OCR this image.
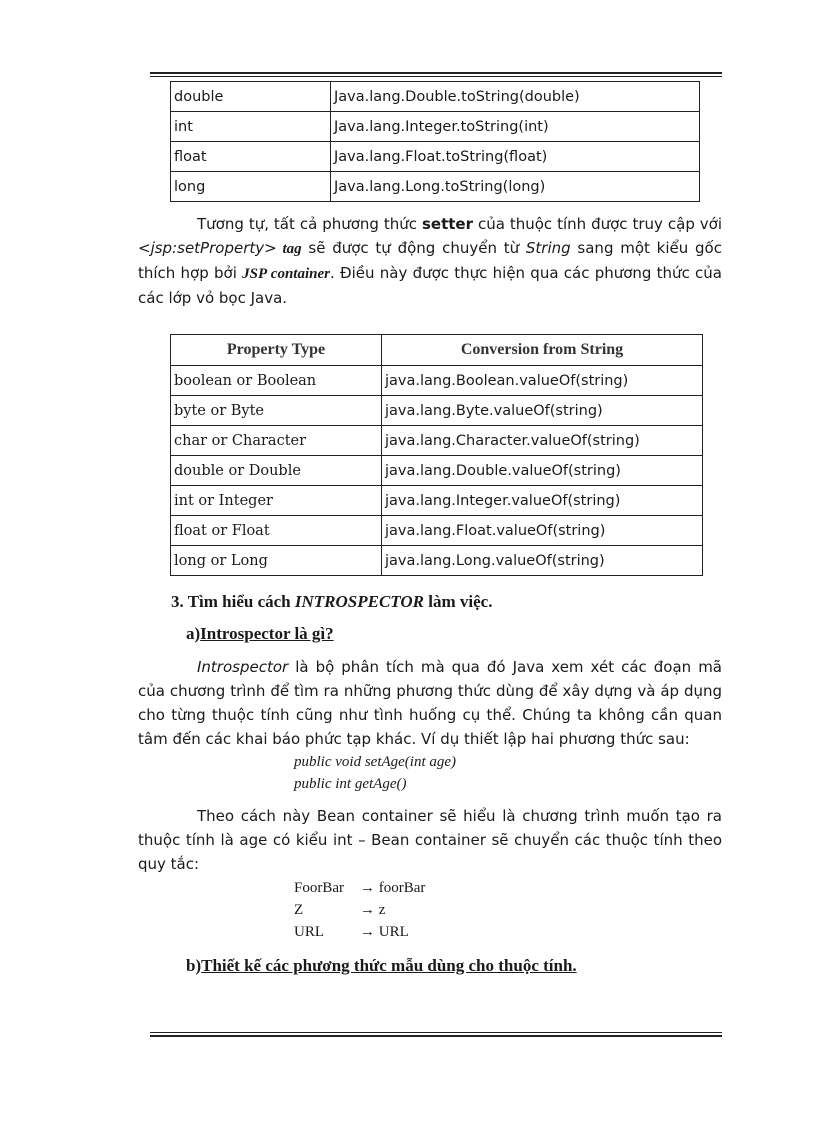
double	Java.lang.Double.toString(double)
int	Java.lang.Integer.toString(int)
float	Java.lang.Float.toString(float)
long	Java.lang.Long.toString(long)
Tương tự, tất cả phương thức setter của thuộc tính được truy cập với <jsp:setProperty> tag sẽ được tự động chuyển từ String sang một kiểu gốc thích hợp bởi JSP container. Điều này được thực hiện qua các phương thức của các lớp vỏ bọc Java.
Property Type	Conversion from String
boolean or Boolean	java.lang.Boolean.valueOf(string)
byte or Byte	java.lang.Byte.valueOf(string)
char or Character	java.lang.Character.valueOf(string)
double or Double	java.lang.Double.valueOf(string)
int or Integer	java.lang.Integer.valueOf(string)
float or Float	java.lang.Float.valueOf(string)
long or Long	java.lang.Long.valueOf(string)
3. Tìm hiểu cách INTROSPECTOR làm việc.
a)Introspector là gì?
Introspector là bộ phân tích mà qua đó Java xem xét các đoạn mã của chương trình để tìm ra những phương thức dùng để xây dựng và áp dụng cho từng thuộc tính cũng như tình huống cụ thể. Chúng ta không cần quan tâm đến các khai báo phức tạp khác. Ví dụ thiết lập hai phương thức sau:
public void setAge(int age)
public int getAge()
Theo cách này Bean container sẽ hiểu là chương trình muốn tạo ra thuộc tính là age có kiểu int – Bean container sẽ chuyển các thuộc tính theo quy tắc:
FoorBar → foorBar
Z	→ z
URL → URL
b)Thiết kế các phương thức mẫu dùng cho thuộc tính.
